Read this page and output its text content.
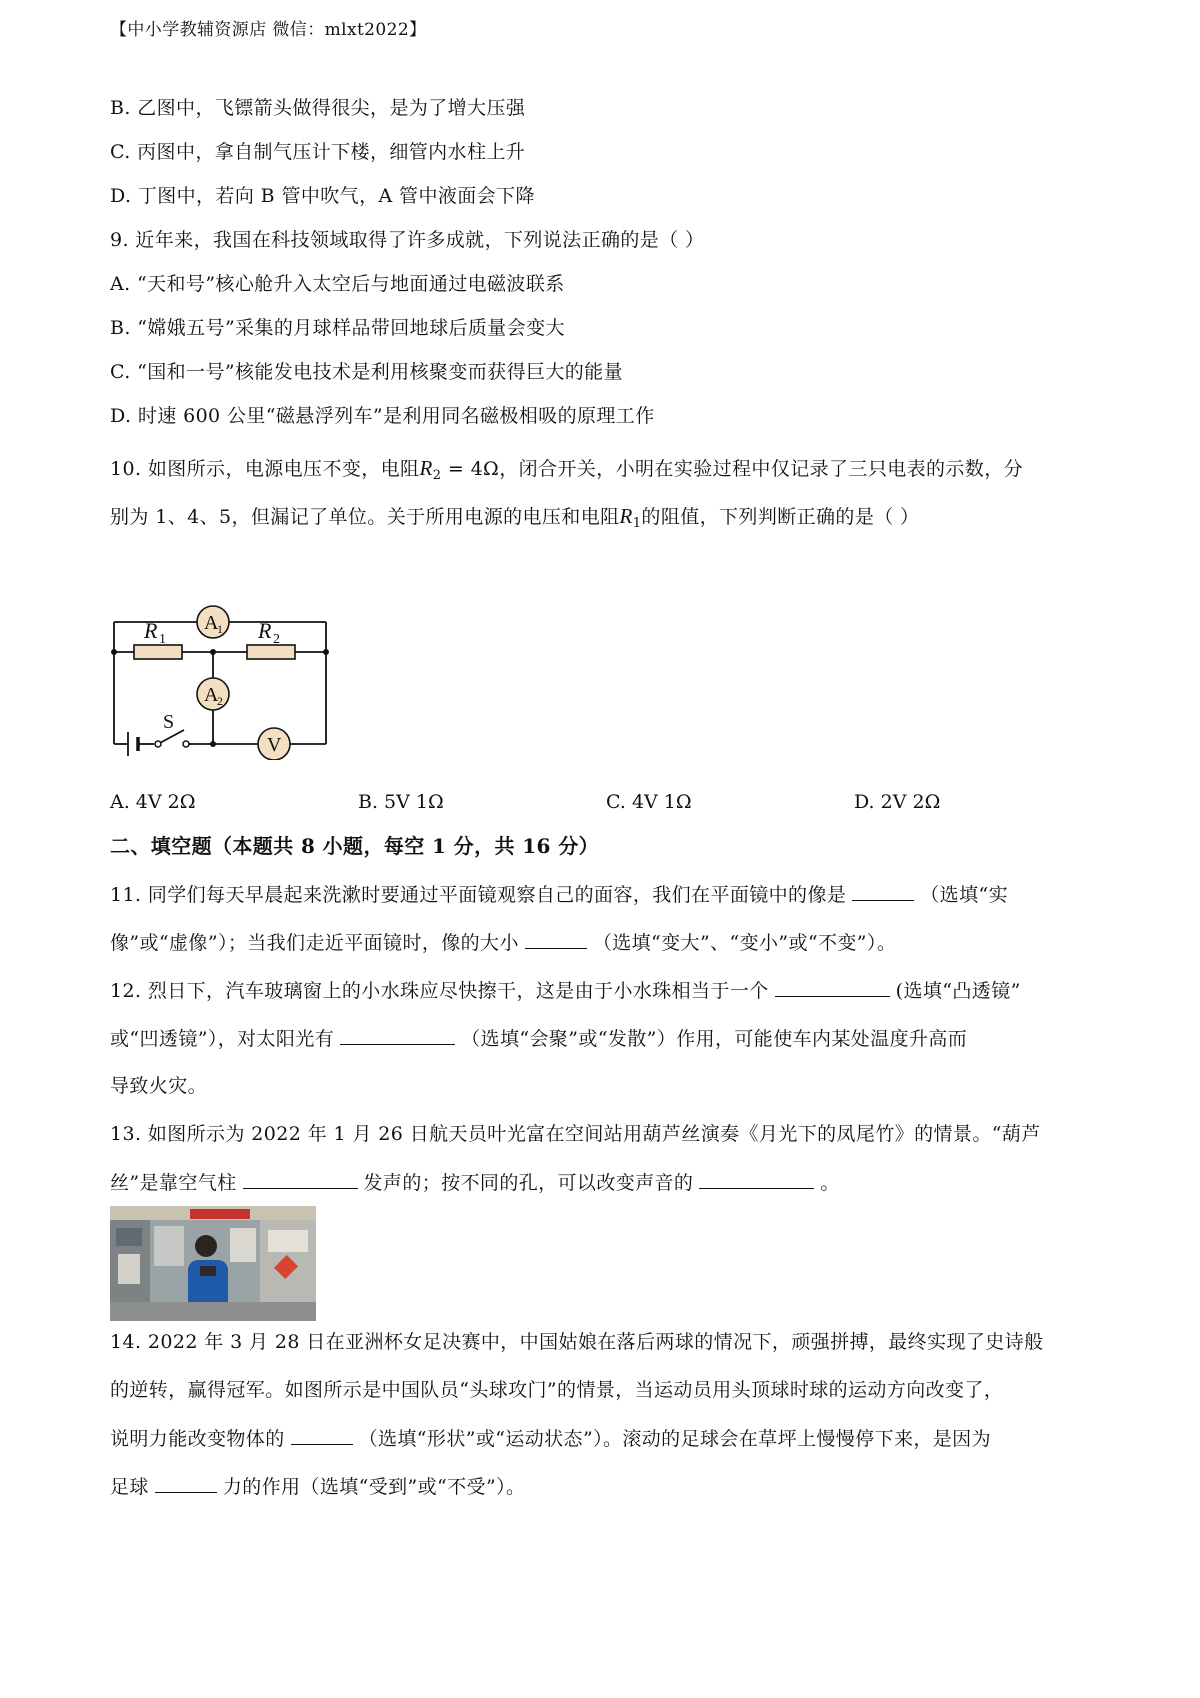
【中小学教辅资源店 微信：mlxt2022】
B. 乙图中，飞镖箭头做得很尖，是为了增大压强
C. 丙图中，拿自制气压计下楼，细管内水柱上升
D. 丁图中，若向 B 管中吹气，A 管中液面会下降
9. 近年来，我国在科技领域取得了许多成就，下列说法正确的是（ ）
A. “天和号”核心舱升入太空后与地面通过电磁波联系
B. “嫦娥五号”采集的月球样品带回地球后质量会变大
C. “国和一号”核能发电技术是利用核聚变而获得巨大的能量
D. 时速 600 公里“磁悬浮列车”是利用同名磁极相吸的原理工作
10. 如图所示，电源电压不变，电阻$R_2 = 4\Omega$，闭合开关，小明在实验过程中仅记录了三只电表的示数，分
别为 1、4、5，但漏记了单位。关于所用电源的电压和电阻$R_1$的阻值，下列判断正确的是（ ）
A
1
A
2
V
R 1	R 2
S
A. 4V 2Ω	B. 5V 1Ω	C. 4V 1Ω	D. 2V 2Ω
二、填空题（本题共 8 小题，每空 1 分，共 16 分）
11. 同学们每天早晨起来洗漱时要通过平面镜观察自己的面容，我们在平面镜中的像是	（选填“实
像”或“虚像”）；当我们走近平面镜时，像的大小	（选填“变大”、“变小”或“不变”）。
12. 烈日下，汽车玻璃窗上的小水珠应尽快擦干，这是由于小水珠相当于一个	(选填“凸透镜”
或“凹透镜”），对太阳光有	（选填“会聚”或“发散”）作用，可能使车内某处温度升高而
导致火灾。
13. 如图所示为 2022 年 1 月 26 日航天员叶光富在空间站用葫芦丝演奏《月光下的凤尾竹》的情景。“葫芦
丝”是靠空气柱	发声的；按不同的孔，可以改变声音的	。
14. 2022 年 3 月 28 日在亚洲杯女足决赛中，中国姑娘在落后两球的情况下，顽强拼搏，最终实现了史诗般
的逆转，赢得冠军。如图所示是中国队员“头球攻门”的情景，当运动员用头顶球时球的运动方向改变了，
说明力能改变物体的	（选填“形状”或“运动状态”）。滚动的足球会在草坪上慢慢停下来，是因为
足球	力的作用（选填“受到”或“不受”）。
